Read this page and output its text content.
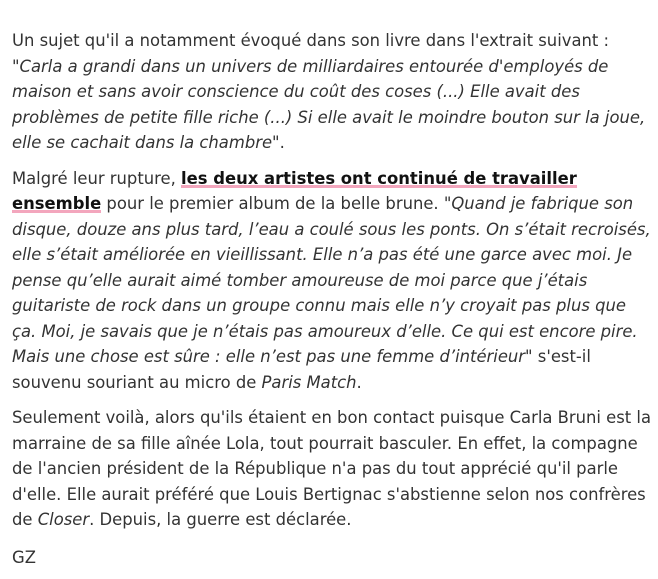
Un sujet qu'il a notamment évoqué dans son livre dans l'extrait suivant : "Carla a grandi dans un univers de milliardaires entourée d'employés de maison et sans avoir conscience du coût des coses (...) Elle avait des problèmes de petite fille riche (...) Si elle avait le moindre bouton sur la joue, elle se cachait dans la chambre".

Malgré leur rupture, les deux artistes ont continué de travailler ensemble pour le premier album de la belle brune. "Quand je fabrique son disque, douze ans plus tard, l’eau a coulé sous les ponts. On s’était recroisés, elle s’était améliorée en vieillissant. Elle n’a pas été une garce avec moi. Je pense qu’elle aurait aimé tomber amoureuse de moi parce que j’étais guitariste de rock dans un groupe connu mais elle n’y croyait pas plus que ça. Moi, je savais que je n’étais pas amoureux d’elle. Ce qui est encore pire. Mais une chose est sûre : elle n’est pas une femme d’intérieur" s'est-il souvenu souriant au micro de Paris Match.

Seulement voilà, alors qu'ils étaient en bon contact puisque Carla Bruni est la marraine de sa fille aînée Lola, tout pourrait basculer. En effet, la compagne de l'ancien président de la République n'a pas du tout apprécié qu'il parle d'elle. Elle aurait préféré que Louis Bertignac s'abstienne selon nos confrères de Closer. Depuis, la guerre est déclarée.

GZ
